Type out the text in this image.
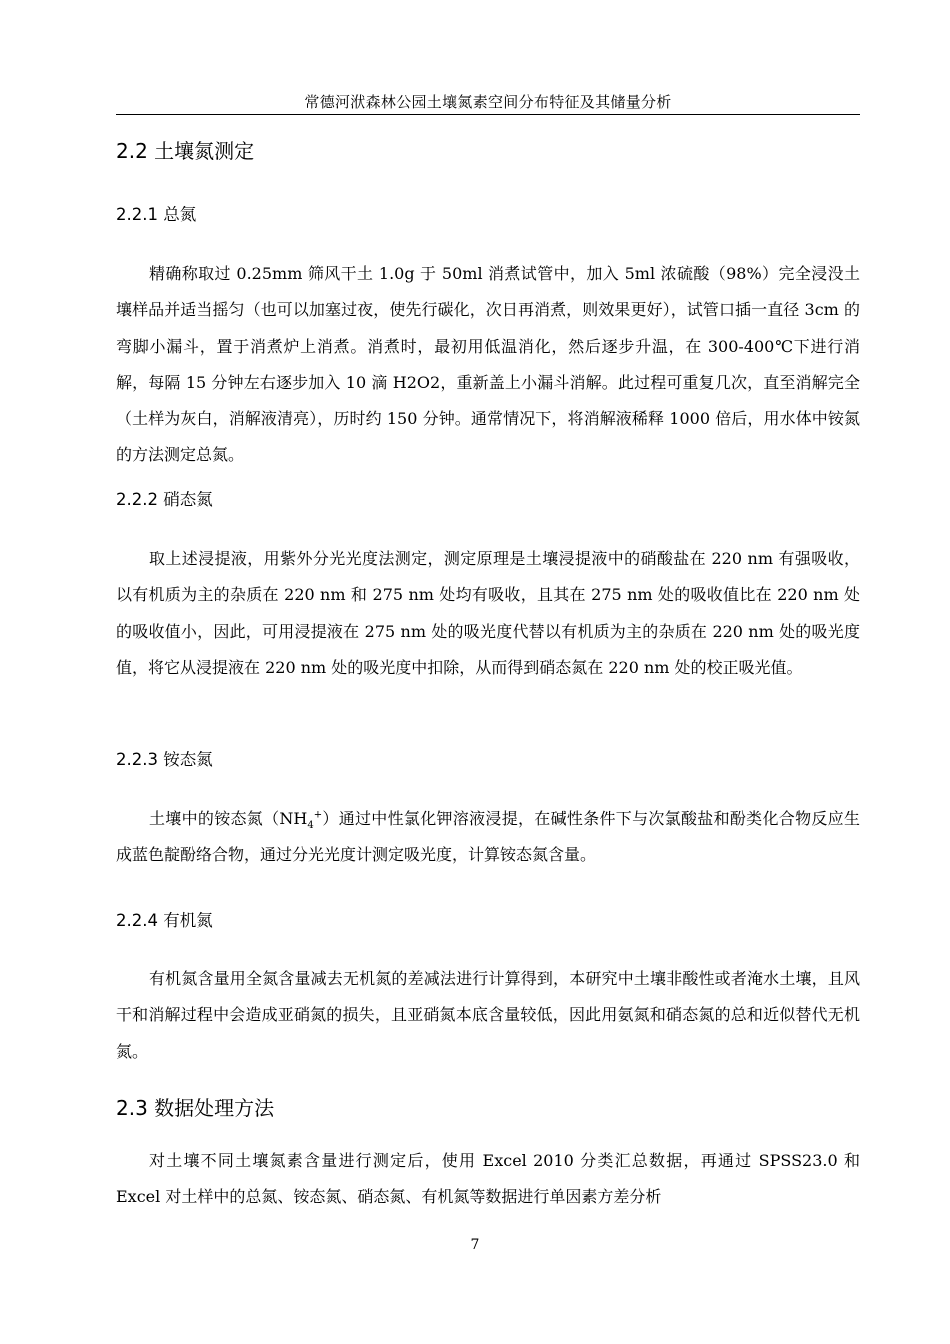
常德河洑森林公园土壤氮素空间分布特征及其储量分析
2.2 土壤氮测定
2.2.1 总氮

精确称取过 0.25mm 筛风干土 1.0g 于 50ml 消煮试管中，加入 5ml 浓硫酸（98%）完全浸没土壤样品并适当摇匀（也可以加塞过夜，使先行碳化，次日再消煮，则效果更好），试管口插一直径 3cm 的弯脚小漏斗，置于消煮炉上消煮。消煮时，最初用低温消化，然后逐步升温，在 300-400℃下进行消解，每隔 15 分钟左右逐步加入 10 滴 H2O2，重新盖上小漏斗消解。此过程可重复几次，直至消解完全（土样为灰白，消解液清亮），历时约 150 分钟。通常情况下，将消解液稀释 1000 倍后，用水体中铵氮的方法测定总氮。

2.2.2 硝态氮

取上述浸提液，用紫外分光光度法测定，测定原理是土壤浸提液中的硝酸盐在 220 nm 有强吸收，以有机质为主的杂质在 220 nm 和 275 nm 处均有吸收，且其在 275 nm 处的吸收值比在 220 nm 处的吸收值小，因此，可用浸提液在 275 nm 处的吸光度代替以有机质为主的杂质在 220 nm 处的吸光度值，将它从浸提液在 220 nm 处的吸光度中扣除，从而得到硝态氮在 220 nm 处的校正吸光值。

2.2.3 铵态氮

土壤中的铵态氮$(NH_4^+)$通过中性氯化钾溶液浸提，在碱性条件下与次氯酸盐和酚类化合物反应生成蓝色靛酚络合物，通过分光光度计测定吸光度，计算铵态氮含量。

2.2.4 有机氮

有机氮含量用全氮含量减去无机氮的差减法进行计算得到，本研究中土壤非酸性或者淹水土壤，且风干和消解过程中会造成亚硝氮的损失，且亚硝氮本底含量较低，因此用氨氮和硝态氮的总和近似替代无机氮。

2.3 数据处理方法

对土壤不同土壤氮素含量进行测定后，使用 Excel 2010 分类汇总数据，再通过 SPSS23.0 和 Excel 对土样中的总氮、铵态氮、硝态氮、有机氮等数据进行单因素方差分析

7
